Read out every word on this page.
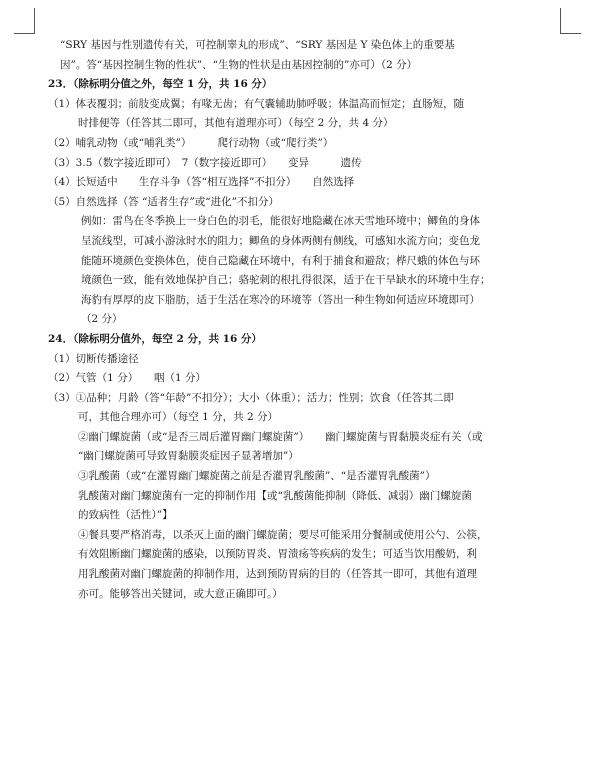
“SRY 基因与性别遗传有关，可控制睾丸的形成”、“SRY 基因是 Y 染色体上的重要基
因”。答“基因控制生物的性状”、“生物的性状是由基因控制的”亦可）（2 分）
23．（除标明分值之外，每空 1 分，共 16 分）
（1）体表覆羽；前肢变成翼；有喙无齿；有气囊辅助肺呼吸；体温高而恒定；直肠短，随
时排便等（任答其二即可，其他有道理亦可）（每空 2 分，共 4 分）
（2）哺乳动物（或“哺乳类”）　　　爬行动物（或“爬行类”）
（3）3.5（数字接近即可）　7（数字接近即可）　　变异　　　遗传
（4）长短适中　　生存斗争（答“相互选择”不扣分）　　自然选择
（5）自然选择（答 “适者生存”或“进化”不扣分）
例如：雷鸟在冬季换上一身白色的羽毛，能很好地隐藏在冰天雪地环境中；鲫鱼的身体
呈流线型，可减小游泳时水的阻力；鲫鱼的身体两侧有侧线，可感知水流方向；变色龙
能随环境颜色变换体色，使自己隐藏在环境中，有利于捕食和避敌；桦尺蛾的体色与环
境颜色一致，能有效地保护自己；骆驼刺的根扎得很深，适于在干旱缺水的环境中生存；
海豹有厚厚的皮下脂肪，适于生活在寒冷的环境等（答出一种生物如何适应环境即可）
（2 分）
24．（除标明分值外，每空 2 分，共 16 分）
（1）切断传播途径
（2）气管（1 分）　　咽（1 分）
（3）①品种；月龄（答“年龄”不扣分）；大小（体重）；活力；性别；饮食（任答其二即
可，其他合理亦可）（每空 1 分，共 2 分）
②幽门螺旋菌（或“是否三周后灌胃幽门螺旋菌”）　　幽门螺旋菌与胃黏膜炎症有关（或
“幽门螺旋菌可导致胃黏膜炎症因子显著增加”）
③乳酸菌（或“在灌胃幽门螺旋菌之前是否灌胃乳酸菌”、“是否灌胃乳酸菌”）
乳酸菌对幽门螺旋菌有一定的抑制作用【或“乳酸菌能抑制（降低、减弱）幽门螺旋菌
的致病性（活性）”】
④餐具要严格消毒，以杀灭上面的幽门螺旋菌；要尽可能采用分餐制或使用公勺、公筷，
有效阻断幽门螺旋菌的感染，以预防胃炎、胃溃疡等疾病的发生；可适当饮用酸奶，利
用乳酸菌对幽门螺旋菌的抑制作用，达到预防胃病的目的（任答其一即可，其他有道理
亦可。能够答出关键词，或大意正确即可。）
